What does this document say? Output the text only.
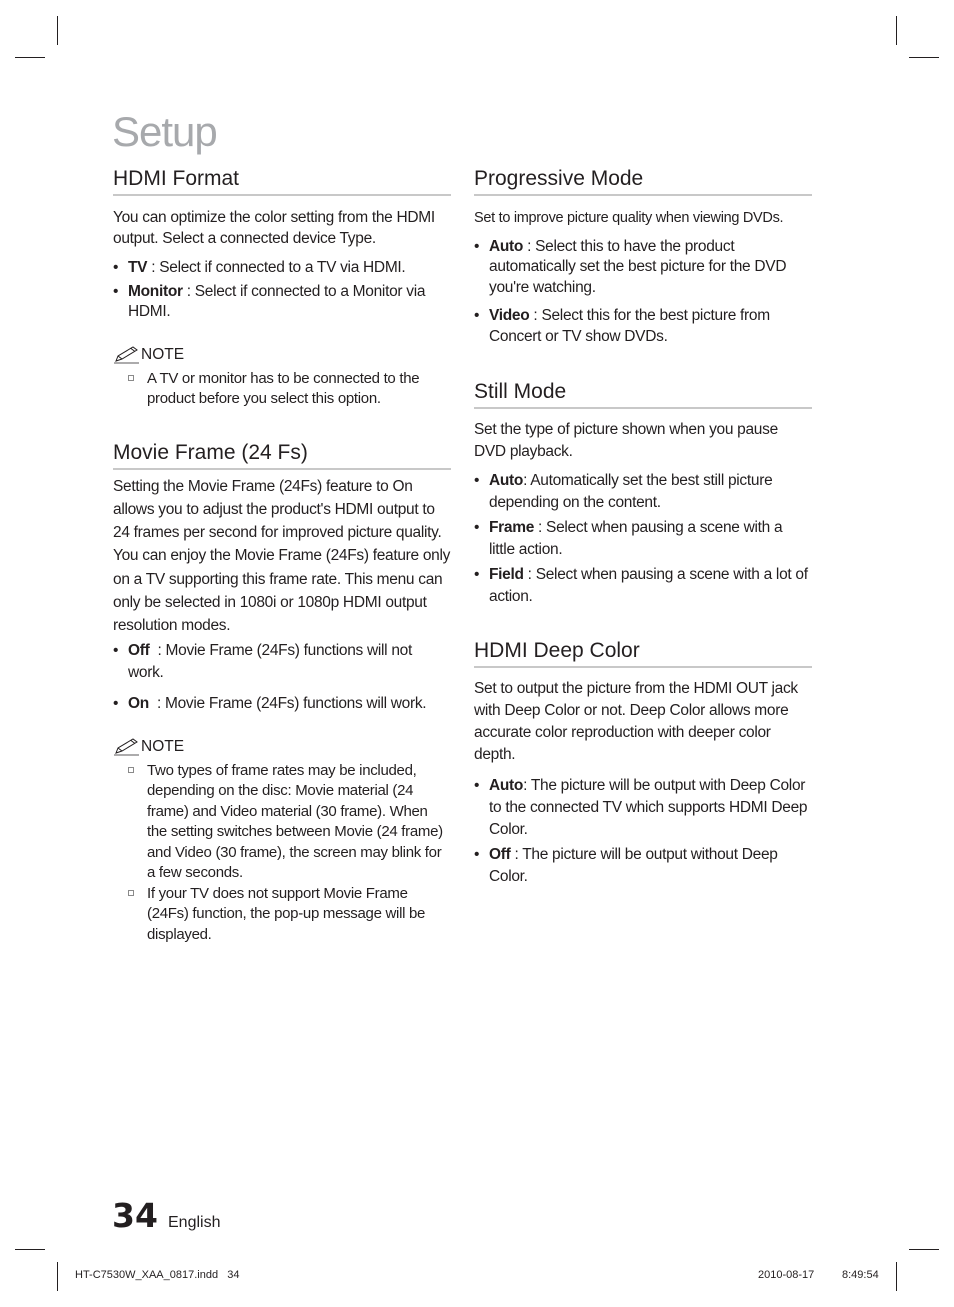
Setup
HDMI Format

You can optimize the color setting from the HDMI output. Select a connected device Type.

• TV : Select if connected to a TV via HDMI.
• Monitor : Select if connected to a Monitor via HDMI.
NOTE
A TV or monitor has to be connected to the product before you select this option.
Movie Frame (24 Fs)

Setting the Movie Frame (24Fs) feature to On allows you to adjust the product's HDMI output to 24 frames per second for improved picture quality. You can enjoy the Movie Frame (24Fs) feature only on a TV supporting this frame rate. This menu can only be selected in 1080i or 1080p HDMI output resolution modes.

• Off  : Movie Frame (24Fs) functions will not work.
• On  : Movie Frame (24Fs) functions will work.
NOTE
Two types of frame rates may be included, depending on the disc: Movie material (24 frame) and Video material (30 frame). When the setting switches between Movie (24 frame) and Video (30 frame), the screen may blink for a few seconds.
If your TV does not support Movie Frame (24Fs) function, the pop-up message will be displayed.
Progressive Mode

Set to improve picture quality when viewing DVDs.

• Auto : Select this to have the product automatically set the best picture for the DVD you're watching.
• Video : Select this for the best picture from Concert or TV show DVDs.
Still Mode

Set the type of picture shown when you pause DVD playback.

• Auto: Automatically set the best still picture depending on the content.
• Frame : Select when pausing a scene with a little action.
• Field : Select when pausing a scene with a lot of action.
HDMI Deep Color

Set to output the picture from the HDMI OUT jack with Deep Color or not. Deep Color allows more accurate color reproduction with deeper color depth.

• Auto: The picture will be output with Deep Color to the connected TV which supports HDMI Deep Color.
• Off : The picture will be output without Deep Color.
34 English
HT-C7530W_XAA_0817.indd   34	2010-08-17	8:49:54
